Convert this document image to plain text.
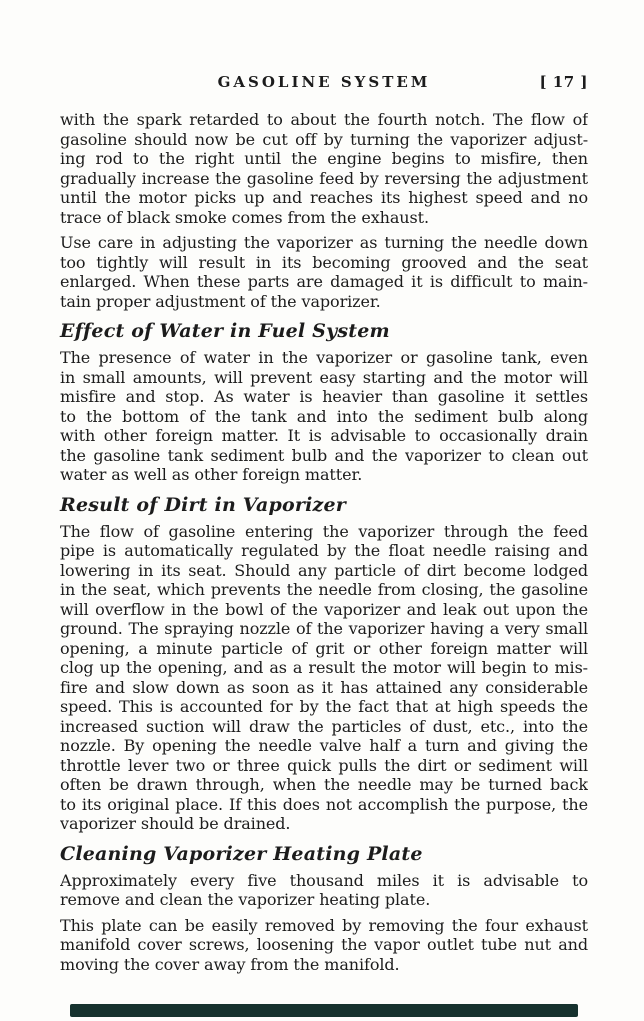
GASOLINE SYSTEM	[ 17 ]
with the spark retarded to about the fourth notch. The flow of
gasoline should now be cut off by turning the vaporizer adjust-
ing rod to the right until the engine begins to misfire, then
gradually increase the gasoline feed by reversing the adjustment
until the motor picks up and reaches its highest speed and no
trace of black smoke comes from the exhaust.
Use care in adjusting the vaporizer as turning the needle down
too tightly will result in its becoming grooved and the seat
enlarged. When these parts are damaged it is difficult to main-
tain proper adjustment of the vaporizer.
Effect of Water in Fuel System
The presence of water in the vaporizer or gasoline tank, even
in small amounts, will prevent easy starting and the motor will
misfire and stop. As water is heavier than gasoline it settles
to the bottom of the tank and into the sediment bulb along
with other foreign matter. It is advisable to occasionally drain
the gasoline tank sediment bulb and the vaporizer to clean out
water as well as other foreign matter.
Result of Dirt in Vaporizer
The flow of gasoline entering the vaporizer through the feed
pipe is automatically regulated by the float needle raising and
lowering in its seat. Should any particle of dirt become lodged
in the seat, which prevents the needle from closing, the gasoline
will overflow in the bowl of the vaporizer and leak out upon the
ground. The spraying nozzle of the vaporizer having a very small
opening, a minute particle of grit or other foreign matter will
clog up the opening, and as a result the motor will begin to mis-
fire and slow down as soon as it has attained any considerable
speed. This is accounted for by the fact that at high speeds the
increased suction will draw the particles of dust, etc., into the
nozzle. By opening the needle valve half a turn and giving the
throttle lever two or three quick pulls the dirt or sediment will
often be drawn through, when the needle may be turned back
to its original place. If this does not accomplish the purpose, the
vaporizer should be drained.
Cleaning Vaporizer Heating Plate
Approximately every five thousand miles it is advisable to
remove and clean the vaporizer heating plate.
This plate can be easily removed by removing the four exhaust
manifold cover screws, loosening the vapor outlet tube nut and
moving the cover away from the manifold.
